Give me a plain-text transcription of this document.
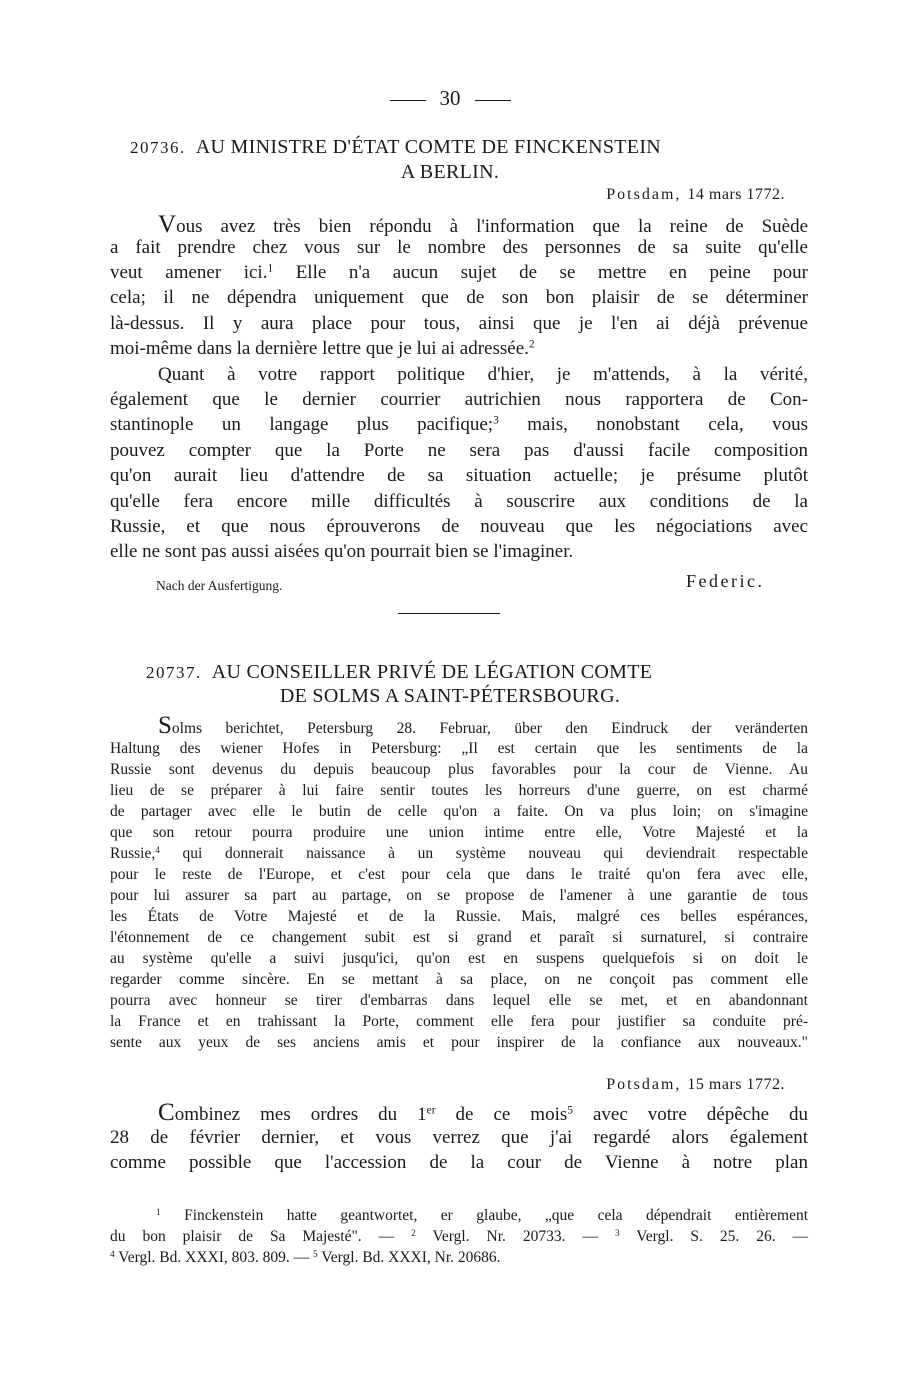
30
20736. AU MINISTRE D'ÉTAT COMTE DE FINCKENSTEIN
A BERLIN.
Potsdam, 14 mars 1772.
Vous avez très bien répondu à l'information que la reine de Suède
a fait prendre chez vous sur le nombre des personnes de sa suite qu'elle
veut amener ici.$^1$ Elle n'a aucun sujet de se mettre en peine pour
cela; il ne dépendra uniquement que de son bon plaisir de se déterminer
là-dessus. Il y aura place pour tous, ainsi que je l'en ai déjà prévenue
moi-même dans la dernière lettre que je lui ai adressée.$^2$
Quant à votre rapport politique d'hier, je m'attends, à la vérité,
également que le dernier courrier autrichien nous rapportera de Con-
stantinople un langage plus pacifique;$^3$ mais, nonobstant cela, vous
pouvez compter que la Porte ne sera pas d'aussi facile composition
qu'on aurait lieu d'attendre de sa situation actuelle; je présume plutôt
qu'elle fera encore mille difficultés à souscrire aux conditions de la
Russie, et que nous éprouverons de nouveau que les négociations avec
elle ne sont pas aussi aisées qu'on pourrait bien se l'imaginer.
Nach der Ausfertigung.	Federic.
20737. AU CONSEILLER PRIVÉ DE LÉGATION COMTE
DE SOLMS A SAINT-PÉTERSBOURG.
Solms berichtet, Petersburg 28. Februar, über den Eindruck der veränderten
Haltung des wiener Hofes in Petersburg: „Il est certain que les sentiments de la
Russie sont devenus du depuis beaucoup plus favorables pour la cour de Vienne. Au
lieu de se préparer à lui faire sentir toutes les horreurs d'une guerre, on est charmé
de partager avec elle le butin de celle qu'on a faite. On va plus loin; on s'imagine
que son retour pourra produire une union intime entre elle, Votre Majesté et la
Russie,$^4$ qui donnerait naissance à un système nouveau qui deviendrait respectable
pour le reste de l'Europe, et c'est pour cela que dans le traité qu'on fera avec elle,
pour lui assurer sa part au partage, on se propose de l'amener à une garantie de tous
les États de Votre Majesté et de la Russie. Mais, malgré ces belles espérances,
l'étonnement de ce changement subit est si grand et paraît si surnaturel, si contraire
au système qu'elle a suivi jusqu'ici, qu'on est en suspens quelquefois si on doit le
regarder comme sincère. En se mettant à sa place, on ne conçoit pas comment elle
pourra avec honneur se tirer d'embarras dans lequel elle se met, et en abandonnant
la France et en trahissant la Porte, comment elle fera pour justifier sa conduite pré-
sente aux yeux de ses anciens amis et pour inspirer de la confiance aux nouveaux."
Potsdam, 15 mars 1772.
Combinez mes ordres du 1er de ce mois$^5$ avec votre dépêche du
28 de février dernier, et vous verrez que j'ai regardé alors également
comme possible que l'accession de la cour de Vienne à notre plan
$^1$ Finckenstein hatte geantwortet, er glaube, „que cela dépendrait entièrement
du bon plaisir de Sa Majesté". — $^2$ Vergl. Nr. 20733. — $^3$ Vergl. S. 25. 26. —
$^4$ Vergl. Bd. XXXI, 803. 809. — $^5$ Vergl. Bd. XXXI, Nr. 20686.
